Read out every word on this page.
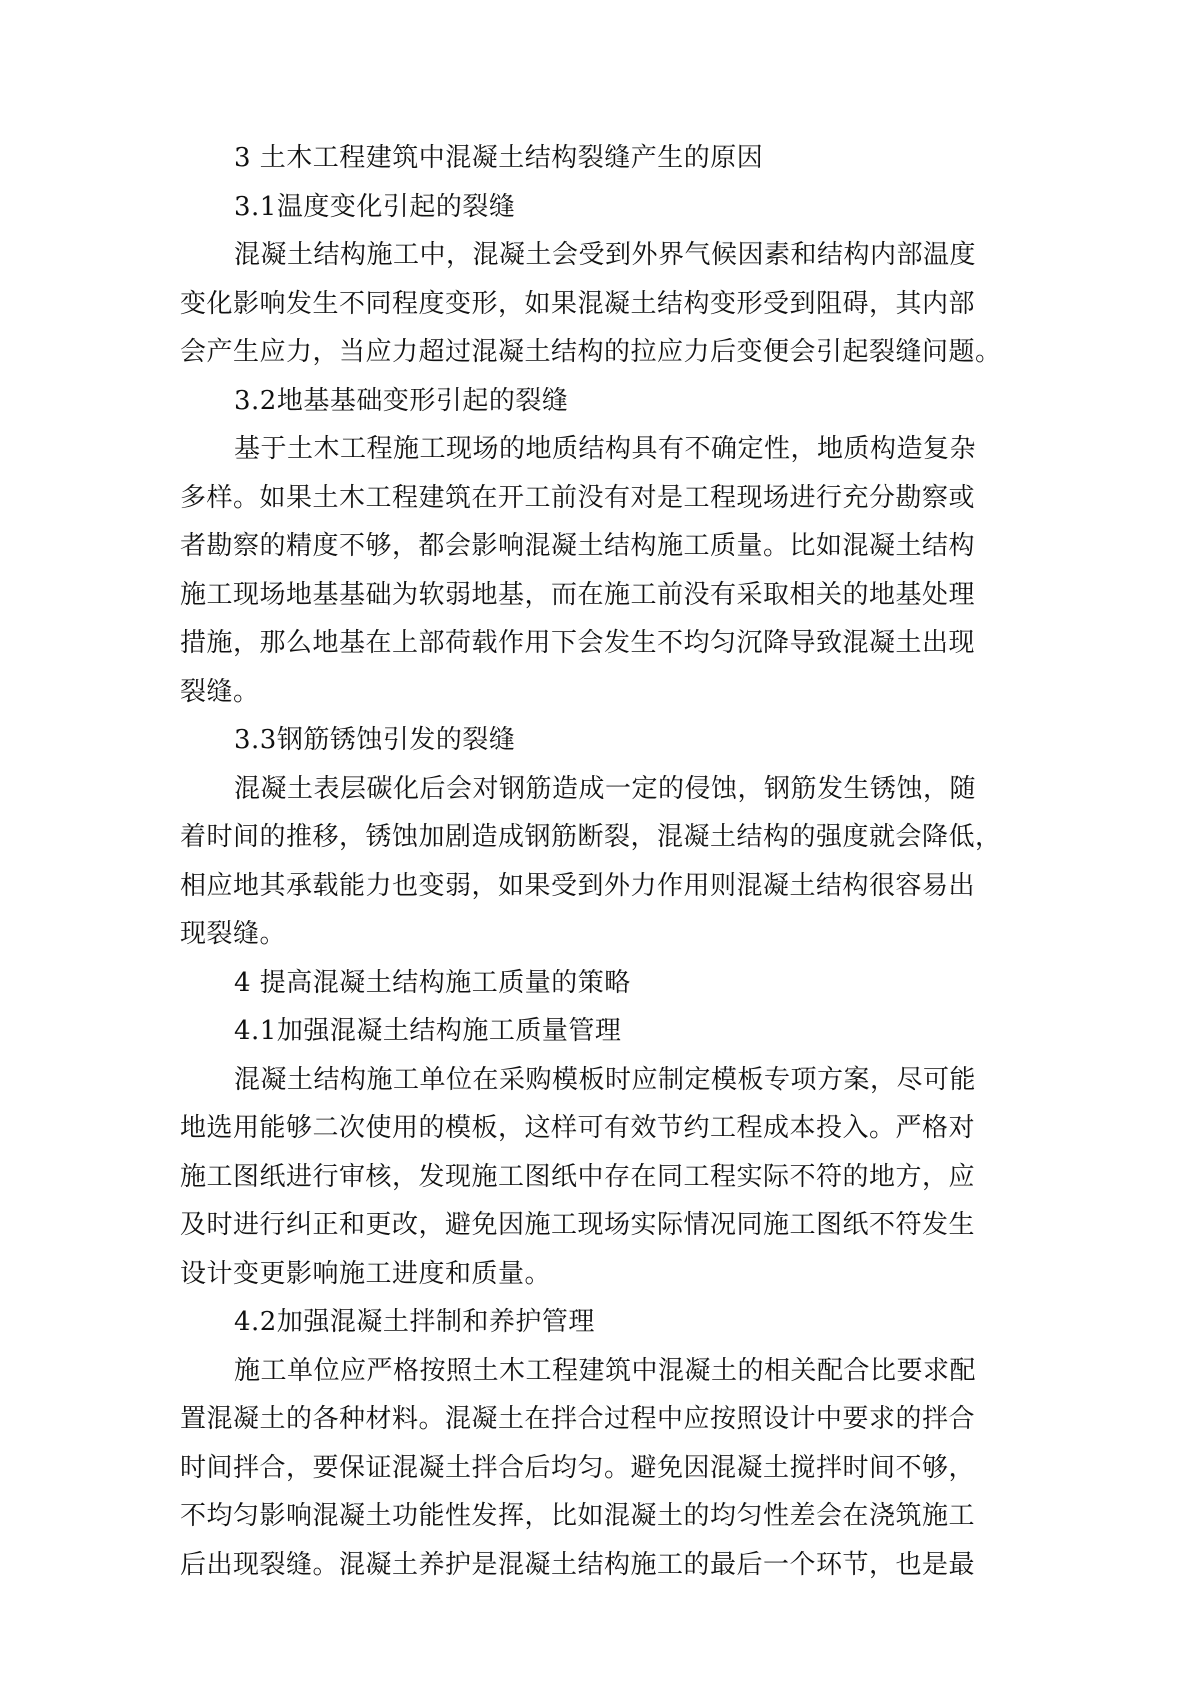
3 土木工程建筑中混凝土结构裂缝产生的原因
3.1温度变化引起的裂缝
混凝土结构施工中，混凝土会受到外界气候因素和结构内部温度
变化影响发生不同程度变形，如果混凝土结构变形受到阻碍，其内部
会产生应力，当应力超过混凝土结构的拉应力后变便会引起裂缝问题。
3.2地基基础变形引起的裂缝
基于土木工程施工现场的地质结构具有不确定性，地质构造复杂
多样。如果土木工程建筑在开工前没有对是工程现场进行充分勘察或
者勘察的精度不够，都会影响混凝土结构施工质量。比如混凝土结构
施工现场地基基础为软弱地基，而在施工前没有采取相关的地基处理
措施，那么地基在上部荷载作用下会发生不均匀沉降导致混凝土出现
裂缝。
3.3钢筋锈蚀引发的裂缝
混凝土表层碳化后会对钢筋造成一定的侵蚀，钢筋发生锈蚀，随
着时间的推移，锈蚀加剧造成钢筋断裂，混凝土结构的强度就会降低，
相应地其承载能力也变弱，如果受到外力作用则混凝土结构很容易出
现裂缝。
4 提高混凝土结构施工质量的策略
4.1加强混凝土结构施工质量管理
混凝土结构施工单位在采购模板时应制定模板专项方案，尽可能
地选用能够二次使用的模板，这样可有效节约工程成本投入。严格对
施工图纸进行审核，发现施工图纸中存在同工程实际不符的地方，应
及时进行纠正和更改，避免因施工现场实际情况同施工图纸不符发生
设计变更影响施工进度和质量。
4.2加强混凝土拌制和养护管理
施工单位应严格按照土木工程建筑中混凝土的相关配合比要求配
置混凝土的各种材料。混凝土在拌合过程中应按照设计中要求的拌合
时间拌合，要保证混凝土拌合后均匀。避免因混凝土搅拌时间不够，
不均匀影响混凝土功能性发挥，比如混凝土的均匀性差会在浇筑施工
后出现裂缝。混凝土养护是混凝土结构施工的最后一个环节，也是最
